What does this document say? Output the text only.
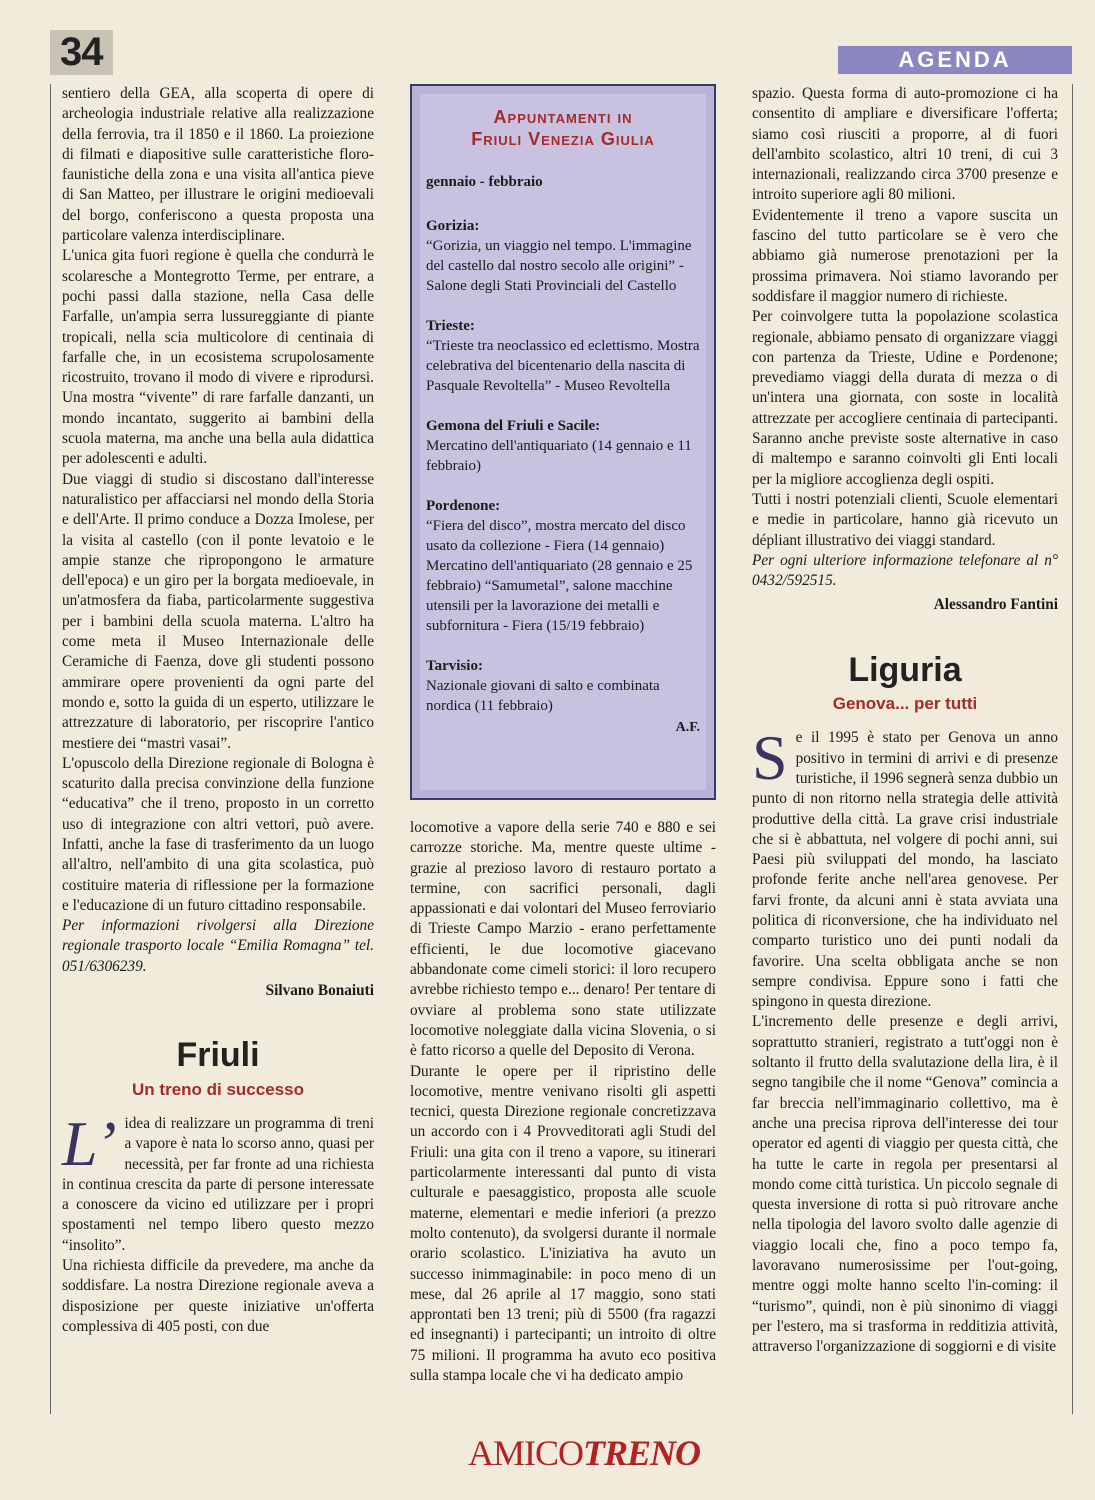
34	AGENDA

sentiero della GEA, alla scoperta di opere di archeologia industriale relative alla realizzazione della ferrovia, tra il 1850 e il 1860. La proiezione di filmati e diapositive sulle caratteristiche floro-faunistiche della zona e una visita all'antica pieve di San Matteo, per illustrare le origini medioevali del borgo, conferiscono a questa proposta una particolare valenza interdisciplinare.

L'unica gita fuori regione è quella che condurrà le scolaresche a Montegrotto Terme, per entrare, a pochi passi dalla stazione, nella Casa delle Farfalle, un'ampia serra lussureggiante di piante tropicali, nella scia multicolore di centinaia di farfalle che, in un ecosistema scrupolosamente ricostruito, trovano il modo di vivere e riprodursi. Una mostra “vivente” di rare farfalle danzanti, un mondo incantato, suggerito ai bambini della scuola materna, ma anche una bella aula didattica per adolescenti e adulti.

Due viaggi di studio si discostano dall'interesse naturalistico per affacciarsi nel mondo della Storia e dell'Arte. Il primo conduce a Dozza Imolese, per la visita al castello (con il ponte levatoio e le ampie stanze che ripropongono le armature dell'epoca) e un giro per la borgata medioevale, in un'atmosfera da fiaba, particolarmente suggestiva per i bambini della scuola materna. L'altro ha come meta il Museo Internazionale delle Ceramiche di Faenza, dove gli studenti possono ammirare opere provenienti da ogni parte del mondo e, sotto la guida di un esperto, utilizzare le attrezzature di laboratorio, per riscoprire l'antico mestiere dei “mastri vasai”.

L'opuscolo della Direzione regionale di Bologna è scaturito dalla precisa convinzione della funzione “educativa” che il treno, proposto in un corretto uso di integrazione con altri vettori, può avere. Infatti, anche la fase di trasferimento da un luogo all'altro, nell'ambito di una gita scolastica, può costituire materia di riflessione per la formazione e l'educazione di un futuro cittadino responsabile.

Per informazioni rivolgersi alla Direzione regionale trasporto locale “Emilia Romagna” tel. 051/6306239.

Silvano Bonaiuti

Friuli
Un treno di successo

L’ idea di realizzare un programma di treni a vapore è nata lo scorso anno, quasi per necessità, per far fronte ad una richiesta in continua crescita da parte di persone interessate a conoscere da vicino ed utilizzare per i propri spostamenti nel tempo libero questo mezzo “insolito”.

Una richiesta difficile da prevedere, ma anche da soddisfare. La nostra Direzione regionale aveva a disposizione per queste iniziative un'offerta complessiva di 405 posti, con due

Appuntamenti in
Friuli Venezia Giulia
gennaio - febbraio
Gorizia:
“Gorizia, un viaggio nel tempo. L'immagine del castello dal nostro secolo alle origini” - Salone degli Stati Provinciali del Castello
Trieste:
“Trieste tra neoclassico ed eclettismo. Mostra celebrativa del bicentenario della nascita di Pasquale Revoltella” - Museo Revoltella
Gemona del Friuli e Sacile:
Mercatino dell'antiquariato (14 gennaio e 11 febbraio)
Pordenone:
“Fiera del disco”, mostra mercato del disco usato da collezione - Fiera (14 gennaio) Mercatino dell'antiquariato (28 gennaio e 25 febbraio) “Samumetal”, salone macchine utensili per la lavorazione dei metalli e subfornitura - Fiera (15/19 febbraio)
Tarvisio:
Nazionale giovani di salto e combinata nordica (11 febbraio)
A.F.

locomotive a vapore della serie 740 e 880 e sei carrozze storiche. Ma, mentre queste ultime - grazie al prezioso lavoro di restauro portato a termine, con sacrifici personali, dagli appassionati e dai volontari del Museo ferroviario di Trieste Campo Marzio - erano perfettamente efficienti, le due locomotive giacevano abbandonate come cimeli storici: il loro recupero avrebbe richiesto tempo e... denaro! Per tentare di ovviare al problema sono state utilizzate locomotive noleggiate dalla vicina Slovenia, o si è fatto ricorso a quelle del Deposito di Verona.

Durante le opere per il ripristino delle locomotive, mentre venivano risolti gli aspetti tecnici, questa Direzione regionale concretizzava un accordo con i 4 Provveditorati agli Studi del Friuli: una gita con il treno a vapore, su itinerari particolarmente interessanti dal punto di vista culturale e paesaggistico, proposta alle scuole materne, elementari e medie inferiori (a prezzo molto contenuto), da svolgersi durante il normale orario scolastico. L'iniziativa ha avuto un successo inimmaginabile: in poco meno di un mese, dal 26 aprile al 17 maggio, sono stati approntati ben 13 treni; più di 5500 (fra ragazzi ed insegnanti) i partecipanti; un introito di oltre 75 milioni. Il programma ha avuto eco positiva sulla stampa locale che vi ha dedicato ampio

spazio. Questa forma di auto-promozione ci ha consentito di ampliare e diversificare l'offerta; siamo così riusciti a proporre, al di fuori dell'ambito scolastico, altri 10 treni, di cui 3 internazionali, realizzando circa 3700 presenze e introito superiore agli 80 milioni.

Evidentemente il treno a vapore suscita un fascino del tutto particolare se è vero che abbiamo già numerose prenotazioni per la prossima primavera. Noi stiamo lavorando per soddisfare il maggior numero di richieste.

Per coinvolgere tutta la popolazione scolastica regionale, abbiamo pensato di organizzare viaggi con partenza da Trieste, Udine e Pordenone; prevediamo viaggi della durata di mezza o di un'intera una giornata, con soste in località attrezzate per accogliere centinaia di partecipanti. Saranno anche previste soste alternative in caso di maltempo e saranno coinvolti gli Enti locali per la migliore accoglienza degli ospiti.

Tutti i nostri potenziali clienti, Scuole elementari e medie in particolare, hanno già ricevuto un dépliant illustrativo dei viaggi standard.

Per ogni ulteriore informazione telefonare al n° 0432/592515.

Alessandro Fantini

Liguria
Genova... per tutti

Se il 1995 è stato per Genova un anno positivo in termini di arrivi e di presenze turistiche, il 1996 segnerà senza dubbio un punto di non ritorno nella strategia delle attività produttive della città. La grave crisi industriale che si è abbattuta, nel volgere di pochi anni, sui Paesi più sviluppati del mondo, ha lasciato profonde ferite anche nell'area genovese. Per farvi fronte, da alcuni anni è stata avviata una politica di riconversione, che ha individuato nel comparto turistico uno dei punti nodali da favorire. Una scelta obbligata anche se non sempre condivisa. Eppure sono i fatti che spingono in questa direzione.

L'incremento delle presenze e degli arrivi, soprattutto stranieri, registrato a tutt'oggi non è soltanto il frutto della svalutazione della lira, è il segno tangibile che il nome “Genova” comincia a far breccia nell'immaginario collettivo, ma è anche una precisa riprova dell'interesse dei tour operator ed agenti di viaggio per questa città, che ha tutte le carte in regola per presentarsi al mondo come città turistica. Un piccolo segnale di questa inversione di rotta si può ritrovare anche nella tipologia del lavoro svolto dalle agenzie di viaggio locali che, fino a poco tempo fa, lavoravano numerosissime per l'out-going, mentre oggi molte hanno scelto l'in-coming: il “turismo”, quindi, non è più sinonimo di viaggi per l'estero, ma si trasforma in redditizia attività, attraverso l'organizzazione di soggiorni e di visite

AMICOTRENO
